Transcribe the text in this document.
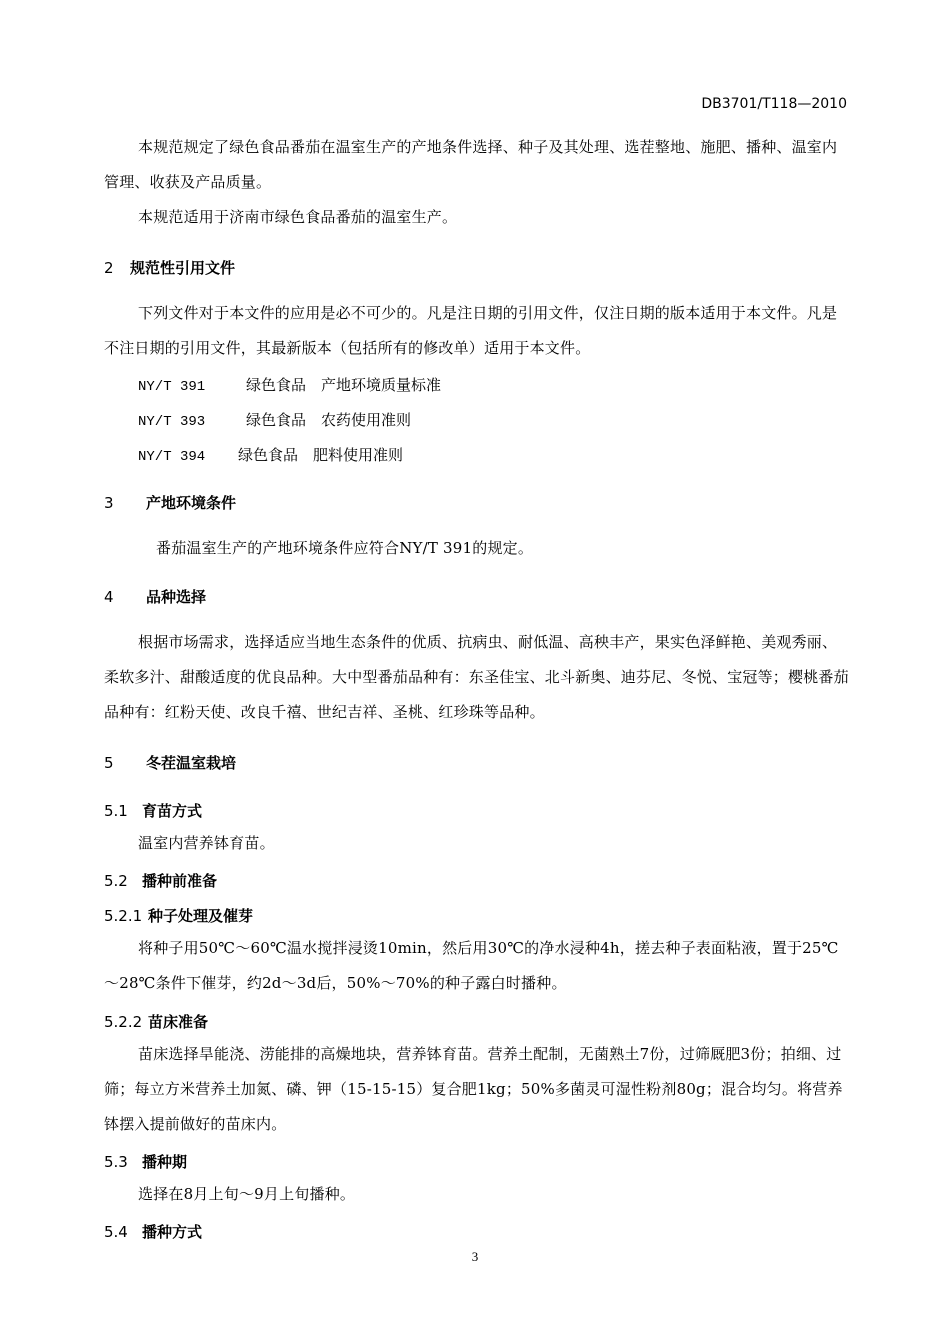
DB3701/T118—2010

本规范规定了绿色食品番茄在温室生产的产地条件选择、种子及其处理、选茬整地、施肥、播种、温室内管理、收获及产品质量。

本规范适用于济南市绿色食品番茄的温室生产。

2 规范性引用文件

下列文件对于本文件的应用是必不可少的。凡是注日期的引用文件，仅注日期的版本适用于本文件。凡是不注日期的引用文件，其最新版本（包括所有的修改单）适用于本文件。

NY/T 391	绿色食品　产地环境质量标准
NY/T 393	绿色食品　农药使用准则
NY/T 394 绿色食品　肥料使用准则
3 产地环境条件

番茄温室生产的产地环境条件应符合NY/T 391的规定。

4 品种选择

根据市场需求，选择适应当地生态条件的优质、抗病虫、耐低温、高秧丰产，果实色泽鲜艳、美观秀丽、柔软多汁、甜酸适度的优良品种。大中型番茄品种有：东圣佳宝、北斗新奥、迪芬尼、冬悦、宝冠等；樱桃番茄品种有：红粉天使、改良千禧、世纪吉祥、圣桃、红珍珠等品种。

5 冬茬温室栽培
5.1 育苗方式

温室内营养钵育苗。

5.2 播种前准备
5.2.1 种子处理及催芽

将种子用50℃～60℃温水搅拌浸烫10min，然后用30℃的净水浸种4h，搓去种子表面粘液，置于25℃～28℃条件下催芽，约2d～3d后，50%～70%的种子露白时播种。

5.2.2 苗床准备

苗床选择旱能浇、涝能排的高燥地块，营养钵育苗。营养土配制，无菌熟土7份，过筛厩肥3份；拍细、过筛；每立方米营养土加氮、磷、钾（15-15-15）复合肥1kg；50%多菌灵可湿性粉剂80g；混合均匀。将营养钵摆入提前做好的苗床内。

5.3 播种期

选择在8月上旬～9月上旬播种。

5.4 播种方式
3
